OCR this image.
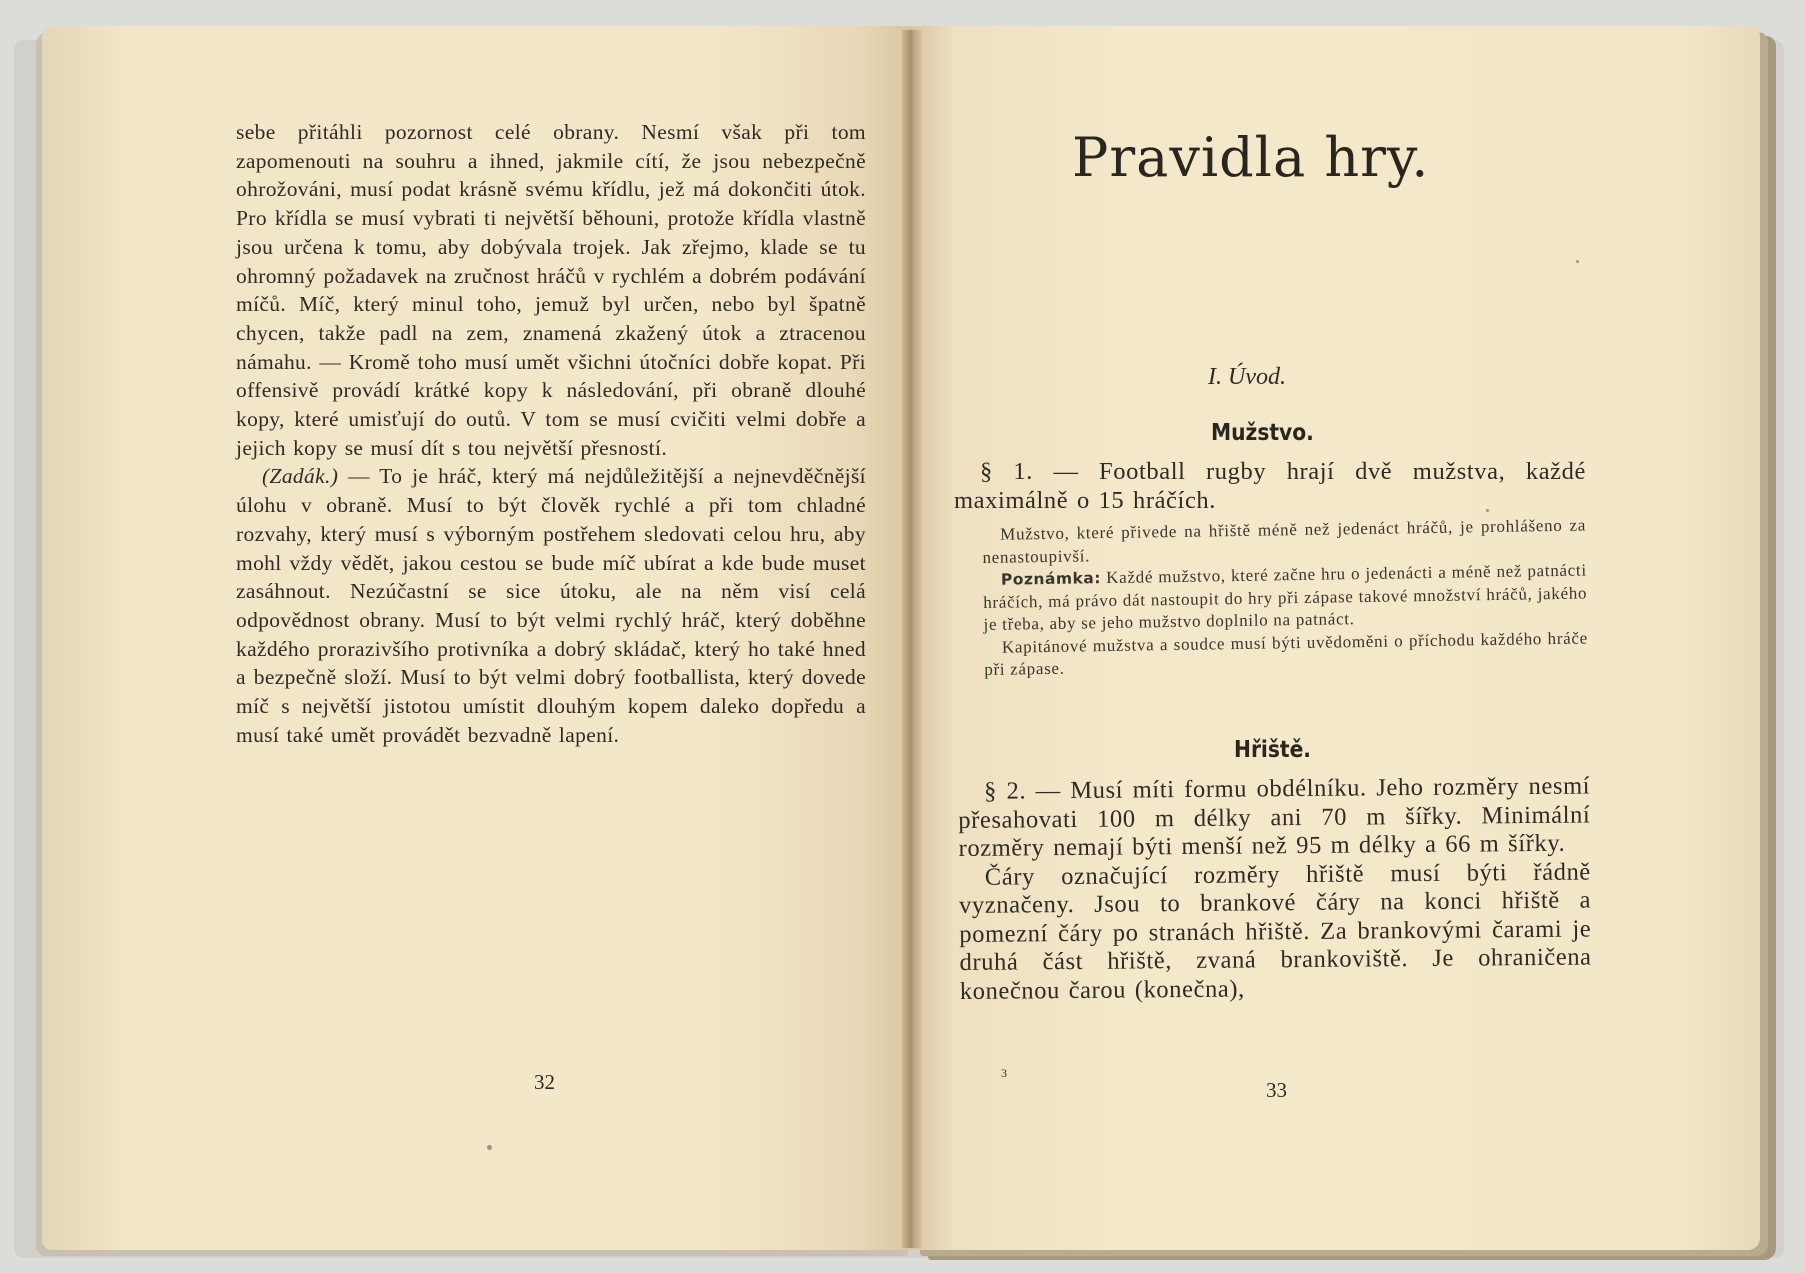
sebe přitáhli pozornost celé obrany. Nesmí však při tom zapomenouti na souhru a ihned, jakmile cítí, že jsou nebezpečně ohrožováni, musí podat krásně svému křídlu, jež má dokončiti útok. Pro křídla se musí vybrati ti největší běhouni, protože křídla vlastně jsou určena k tomu, aby dobývala trojek. Jak zřejmo, klade se tu ohromný požadavek na zručnost hráčů v rychlém a dobrém podávání míčů. Míč, který minul toho, jemuž byl určen, nebo byl špatně chycen, takže padl na zem, znamená zkažený útok a ztracenou námahu. — Kromě toho musí umět všichni útočníci dobře kopat. Při offensivě provádí krátké kopy k následování, při obraně dlouhé kopy, které umisťují do outů. V tom se musí cvičiti velmi dobře a jejich kopy se musí dít s tou největší přesností.

(Zadák.) — To je hráč, který má nejdůležitější a nejnevděčnější úlohu v obraně. Musí to být člověk rychlé a při tom chladné rozvahy, který musí s výborným postřehem sledovati celou hru, aby mohl vždy vědět, jakou cestou se bude míč ubírat a kde bude muset zasáhnout. Nezúčastní se sice útoku, ale na něm visí celá odpovědnost obrany. Musí to být velmi rychlý hráč, který doběhne každého prorazivšího protivníka a dobrý skládač, který ho také hned a bezpečně složí. Musí to být velmi dobrý footballista, který dovede míč s největší jistotou umístit dlouhým kopem daleko dopředu a musí také umět provádět bezvadně lapení.

32
Pravidla hry.
I. Úvod.
Mužstvo.

§ 1. — Football rugby hrají dvě mužstva, každé maximálně o 15 hráčích.

Mužstvo, které přivede na hřiště méně než jedenáct hráčů, je prohlášeno za nenastoupivší.

Poznámka: Každé mužstvo, které začne hru o jedenácti a méně než patnácti hráčích, má právo dát nastoupit do hry při zápase takové množství hráčů, jakého je třeba, aby se jeho mužstvo doplnilo na patnáct.

Kapitánové mužstva a soudce musí býti uvědoměni o příchodu každého hráče při zápase.

Hřiště.

§ 2. — Musí míti formu obdélníku. Jeho rozměry nesmí přesahovati 100 m délky ani 70 m šířky. Minimální rozměry nemají býti menší než 95 m délky a 66 m šířky.

Čáry označující rozměry hřiště musí býti řádně vyznačeny. Jsou to brankové čáry na konci hřiště a pomezní čáry po stranách hřiště. Za brankovými čarami je druhá část hřiště, zvaná brankoviště. Je ohraničena konečnou čarou (konečna),

3
33
